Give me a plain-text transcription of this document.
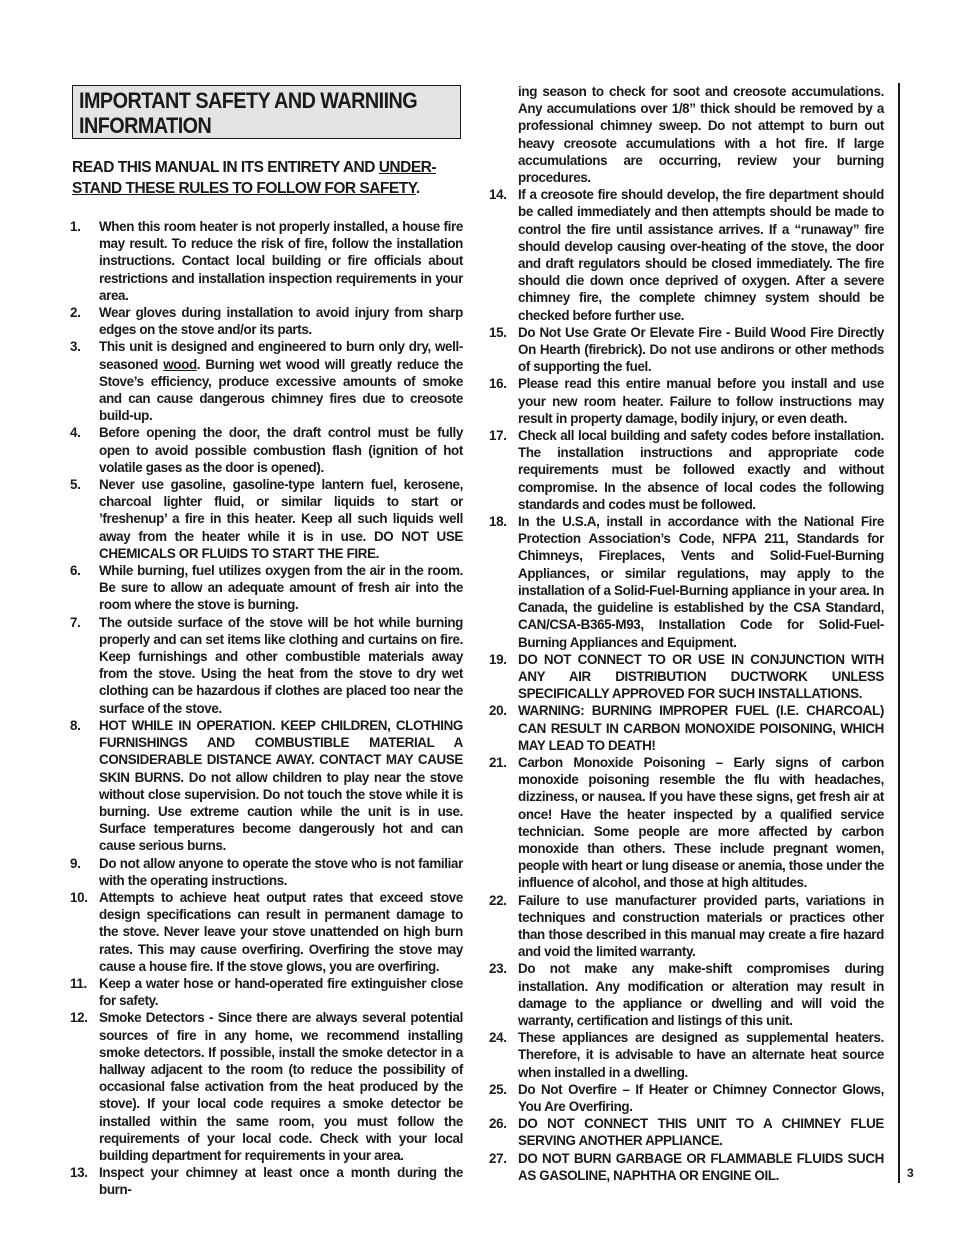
IMPORTANT SAFETY AND WARNIING
INFORMATION
READ THIS MANUAL IN ITS ENTIRETY AND UNDER-
STAND THESE RULES TO FOLLOW FOR SAFETY.
1.	When this room heater is not properly installed, a house fire may result. To reduce the risk of fire, follow the installation instructions. Contact local building or fire officials about restrictions and installation inspection requirements in your area.
2.	Wear gloves during installation to avoid injury from sharp edges on the stove and/or its parts.
3.	This unit is designed and engineered to burn only dry, well-seasoned wood. Burning wet wood will greatly reduce the Stove’s efficiency, produce excessive amounts of smoke and can cause dangerous chimney fires due to creosote build-up.
4.	Before opening the door, the draft control must be fully open to avoid possible combustion flash (ignition of hot volatile gases as the door is opened).
5.	Never use gasoline, gasoline-type lantern fuel, kerosene, charcoal lighter fluid, or similar liquids to start or ’freshenup’ a fire in this heater. Keep all such liquids well away from the heater while it is in use. DO NOT USE CHEMICALS OR FLUIDS TO START THE FIRE.
6.	While burning, fuel utilizes oxygen from the air in the room. Be sure to allow an adequate amount of fresh air into the room where the stove is burning.
7.	The outside surface of the stove will be hot while burning properly and can set items like clothing and curtains on fire. Keep furnishings and other combustible materials away from the stove. Using the heat from the stove to dry wet clothing can be hazardous if clothes are placed too near the surface of the stove.
8.	HOT WHILE IN OPERATION. KEEP CHILDREN, CLOTHING FURNISHINGS AND COMBUSTIBLE MATERIAL A CONSIDERABLE DISTANCE AWAY. CONTACT MAY CAUSE SKIN BURNS. Do not allow children to play near the stove without close supervision. Do not touch the stove while it is burning. Use extreme caution while the unit is in use. Surface temperatures become dangerously hot and can cause serious burns.
9.	Do not allow anyone to operate the stove who is not familiar with the operating instructions.
10. Attempts to achieve heat output rates that exceed stove design specifications can result in permanent damage to the stove. Never leave your stove unattended on high burn rates. This may cause overfiring. Overfiring the stove may cause a house fire. If the stove glows, you are overfiring.
11. Keep a water hose or hand-operated fire extinguisher close for safety.
12. Smoke Detectors - Since there are always several potential sources of fire in any home, we recommend installing smoke detectors. If possible, install the smoke detector in a hallway adjacent to the room (to reduce the possibility of occasional false activation from the heat produced by the stove). If your local code requires a smoke detector be installed within the same room, you must follow the requirements of your local code. Check with your local building department for requirements in your area.
13. Inspect your chimney at least once a month during the burn-
ing season to check for soot and creosote accumulations. Any accumulations over 1/8” thick should be removed by a professional chimney sweep. Do not attempt to burn out heavy creosote accumulations with a hot fire. If large accumulations are occurring, review your burning procedures.
14. If a creosote fire should develop, the fire department should be called immediately and then attempts should be made to control the fire until assistance arrives. If a “runaway” fire should develop causing over-heating of the stove, the door and draft regulators should be closed immediately. The fire should die down once deprived of oxygen. After a severe chimney fire, the complete chimney system should be checked before further use.
15. Do Not Use Grate Or Elevate Fire - Build Wood Fire Directly On Hearth (firebrick). Do not use andirons or other methods of supporting the fuel.
16. Please read this entire manual before you install and use your new room heater. Failure to follow instructions may result in property damage, bodily injury, or even death.
17. Check all local building and safety codes before installation. The installation instructions and appropriate code requirements must be followed exactly and without compromise. In the absence of local codes the following standards and codes must be followed.
18. In the U.S.A, install in accordance with the National Fire Protection Association’s Code, NFPA 211, Standards for Chimneys, Fireplaces, Vents and Solid-Fuel-Burning Appliances, or similar regulations, may apply to the installation of a Solid-Fuel-Burning appliance in your area. In Canada, the guideline is established by the CSA Standard, CAN/CSA-B365-M93, Installation Code for Solid-Fuel-Burning Appliances and Equipment.
19. DO NOT CONNECT TO OR USE IN CONJUNCTION WITH ANY AIR DISTRIBUTION DUCTWORK UNLESS SPECIFICALLY APPROVED FOR SUCH INSTALLATIONS.
20. WARNING: BURNING IMPROPER FUEL (I.E. CHARCOAL) CAN RESULT IN CARBON MONOXIDE POISONING, WHICH MAY LEAD TO DEATH!
21. Carbon Monoxide Poisoning – Early signs of carbon monoxide poisoning resemble the flu with headaches, dizziness, or nausea. If you have these signs, get fresh air at once! Have the heater inspected by a qualified service technician. Some people are more affected by carbon monoxide than others. These include pregnant women, people with heart or lung disease or anemia, those under the influence of alcohol, and those at high altitudes.
22. Failure to use manufacturer provided parts, variations in techniques and construction materials or practices other than those described in this manual may create a fire hazard and void the limited warranty.
23. Do not make any make-shift compromises during installation. Any modification or alteration may result in damage to the appliance or dwelling and will void the warranty, certification and listings of this unit.
24. These appliances are designed as supplemental heaters. Therefore, it is advisable to have an alternate heat source when installed in a dwelling.
25. Do Not Overfire – If Heater or Chimney Connector Glows, You Are Overfiring.
26. DO NOT CONNECT THIS UNIT TO A CHIMNEY FLUE SERVING ANOTHER APPLIANCE.
27. DO NOT BURN GARBAGE OR FLAMMABLE FLUIDS SUCH AS GASOLINE, NAPHTHA OR ENGINE OIL.	3
